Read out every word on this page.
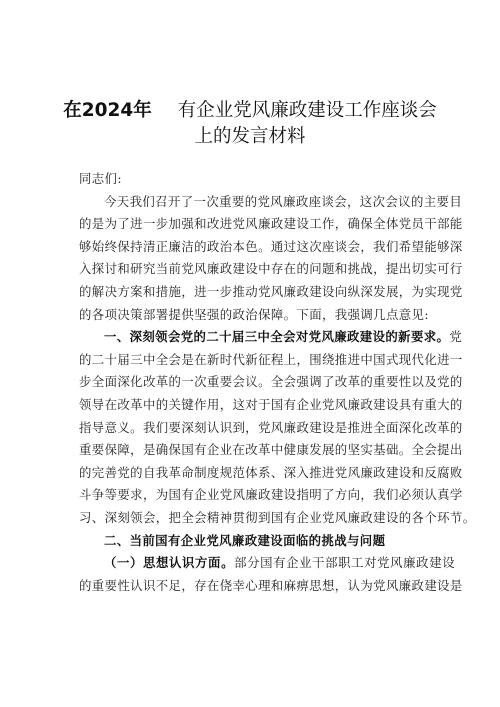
在2024年 有企业党风廉政建设工作座谈会
上的发言材料
同志们:
今天我们召开了一次重要的党风廉政座谈会，这次会议的主要目
的是为了进一步加强和改进党风廉政建设工作，确保全体党员干部能
够始终保持清正廉洁的政治本色。通过这次座谈会，我们希望能够深
入探讨和研究当前党风廉政建设中存在的问题和挑战，提出切实可行
的解决方案和措施，进一步推动党风廉政建设向纵深发展，为实现党
的各项决策部署提供坚强的政治保障。下面，我强调几点意见:
一、深刻领会党的二十届三中全会对党风廉政建设的新要求。党
的二十届三中全会是在新时代新征程上，围绕推进中国式现代化进一
步全面深化改革的一次重要会议。全会强调了改革的重要性以及党的
领导在改革中的关键作用，这对于国有企业党风廉政建设具有重大的
指导意义。我们要深刻认识到，党风廉政建设是推进全面深化改革的
重要保障，是确保国有企业在改革中健康发展的坚实基础。全会提出
的完善党的自我革命制度规范体系、深入推进党风廉政建设和反腐败
斗争等要求，为国有企业党风廉政建设指明了方向，我们必须认真学
习、深刻领会，把全会精神贯彻到国有企业党风廉政建设的各个环节。
二、当前国有企业党风廉政建设面临的挑战与问题
（一）思想认识方面。部分国有企业干部职工对党风廉政建设
的重要性认识不足，存在侥幸心理和麻痹思想，认为党风廉政建设是
